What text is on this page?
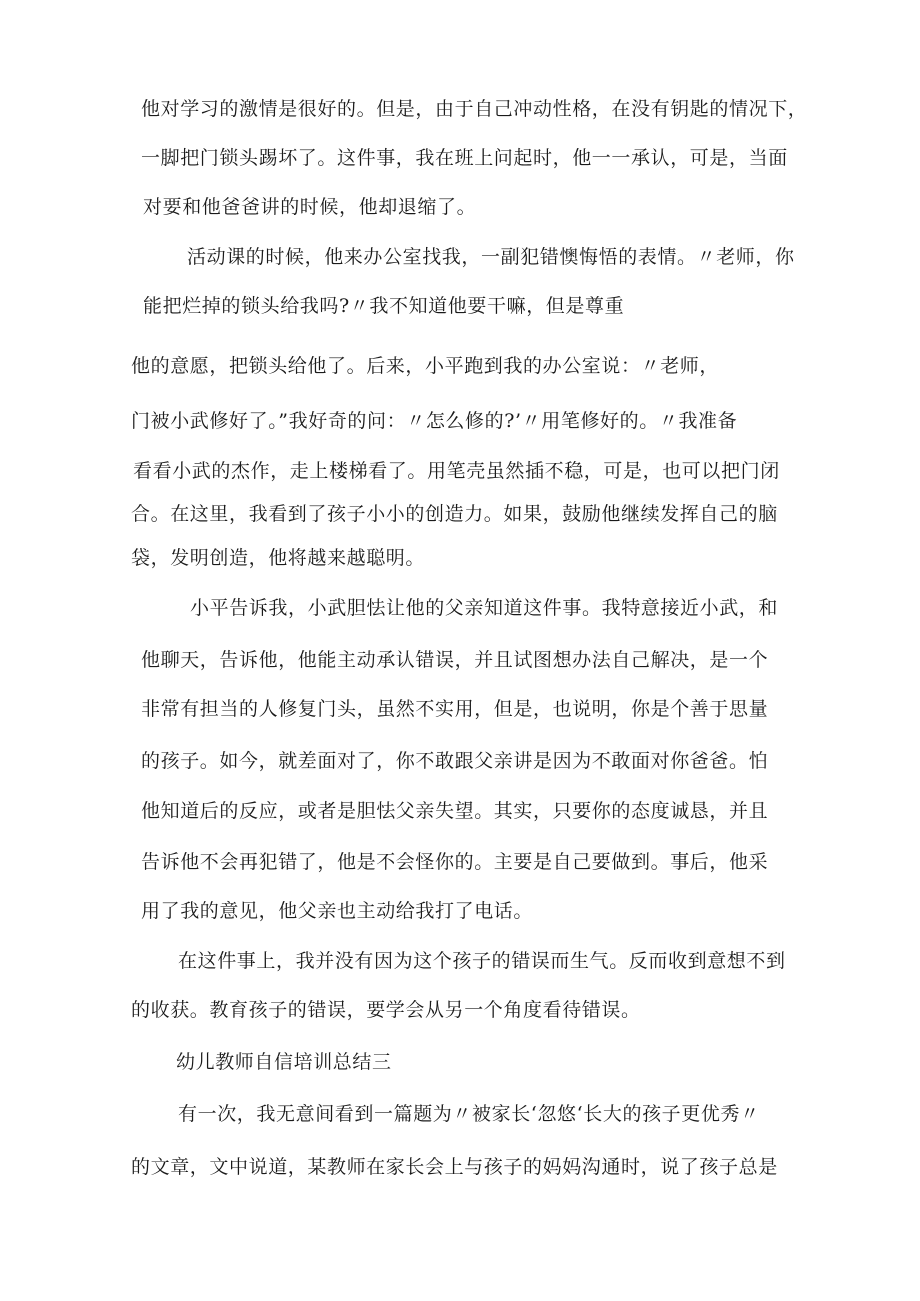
他对学习的激情是很好的。但是，由于自己冲动性格，在没有钥匙的情况下，
一脚把门锁头踢坏了。这件事，我在班上问起时，他一一承认，可是，当面
对要和他爸爸讲的时候，他却退缩了。
活动课的时候，他来办公室找我，一副犯错懊悔悟的表情。〃老师，你
能把烂掉的锁头给我吗?〃我不知道他要干嘛，但是尊重
他的意愿，把锁头给他了。后来，小平跑到我的办公室说：〃老师，
门被小武修好了。”我好奇的问：〃怎么修的?’〃用笔修好的。〃我准备
看看小武的杰作，走上楼梯看了。用笔壳虽然插不稳，可是，也可以把门闭
合。在这里，我看到了孩子小小的创造力。如果，鼓励他继续发挥自己的脑
袋，发明创造，他将越来越聪明。
小平告诉我，小武胆怯让他的父亲知道这件事。我特意接近小武，和
他聊天，告诉他，他能主动承认错误，并且试图想办法自己解决，是一个
非常有担当的人修复门头，虽然不实用，但是，也说明，你是个善于思量
的孩子。如今，就差面对了，你不敢跟父亲讲是因为不敢面对你爸爸。怕
他知道后的反应，或者是胆怯父亲失望。其实，只要你的态度诚恳，并且
告诉他不会再犯错了，他是不会怪你的。主要是自己要做到。事后，他采
用了我的意见，他父亲也主动给我打了电话。
在这件事上，我并没有因为这个孩子的错误而生气。反而收到意想不到
的收获。教育孩子的错误，要学会从另一个角度看待错误。
幼儿教师自信培训总结三
有一次，我无意间看到一篇题为〃被家长‘忽悠‘长大的孩子更优秀〃
的文章，文中说道，某教师在家长会上与孩子的妈妈沟通时，说了孩子总是
